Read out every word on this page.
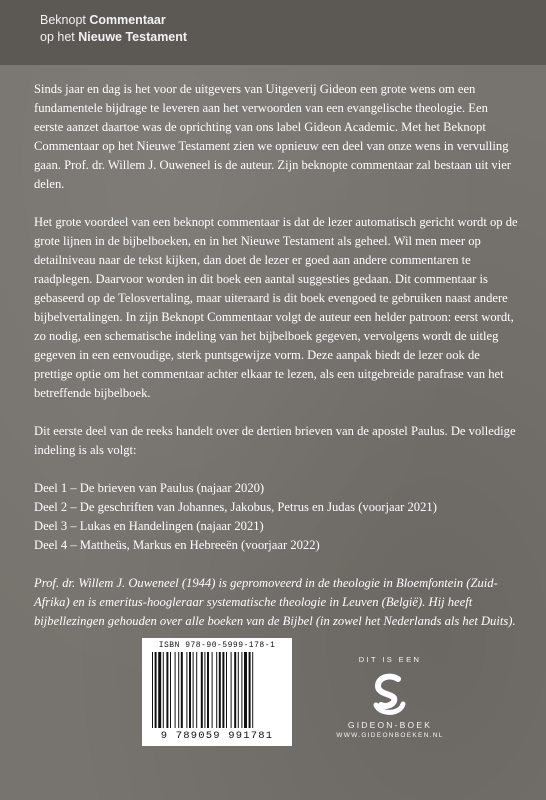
Beknopt Commentaar
op het Nieuwe Testament

Sinds jaar en dag is het voor de uitgevers van Uitgeverij Gideon een grote wens om een fundamentele bijdrage te leveren aan het verwoorden van een evangelische theologie. Een eerste aanzet daartoe was de oprichting van ons label Gideon Academic. Met het Beknopt Commentaar op het Nieuwe Testament zien we opnieuw een deel van onze wens in vervulling gaan. Prof. dr. Willem J. Ouweneel is de auteur. Zijn beknopte commentaar zal bestaan uit vier delen.

Het grote voordeel van een beknopt commentaar is dat de lezer automatisch gericht wordt op de grote lijnen in de bijbelboeken, en in het Nieuwe Testament als geheel. Wil men meer op detailniveau naar de tekst kijken, dan doet de lezer er goed aan andere commentaren te raadplegen. Daarvoor worden in dit boek een aantal suggesties gedaan. Dit commentaar is gebaseerd op de Telosvertaling, maar uiteraard is dit boek evengoed te gebruiken naast andere bijbelvertalingen. In zijn Beknopt Commentaar volgt de auteur een helder patroon: eerst wordt, zo nodig, een schematische indeling van het bijbelboek gegeven, vervolgens wordt de uitleg gegeven in een eenvoudige, sterk puntsgewijze vorm. Deze aanpak biedt de lezer ook de prettige optie om het commentaar achter elkaar te lezen, als een uitgebreide parafrase van het betreffende bijbelboek.

Dit eerste deel van de reeks handelt over de dertien brieven van de apostel Paulus. De volledige indeling is als volgt:

Deel 1 – De brieven van Paulus (najaar 2020)
Deel 2 – De geschriften van Johannes, Jakobus, Petrus en Judas (voorjaar 2021)
Deel 3 – Lukas en Handelingen (najaar 2021)
Deel 4 – Mattheüs, Markus en Hebreeën (voorjaar 2022)

Prof. dr. Willem J. Ouweneel (1944) is gepromoveerd in de theologie in Bloemfontein (Zuid-Afrika) en is emeritus-hoogleraar systematische theologie in Leuven (België). Hij heeft bijbellezingen gehouden over alle boeken van de Bijbel (in zowel het Nederlands als het Duits).

ISBN 978-90-5999-178-1
9 789059 991781
DIT IS EEN
GIDEON-BOEK
WWW.GIDEONBOEKEN.NL
